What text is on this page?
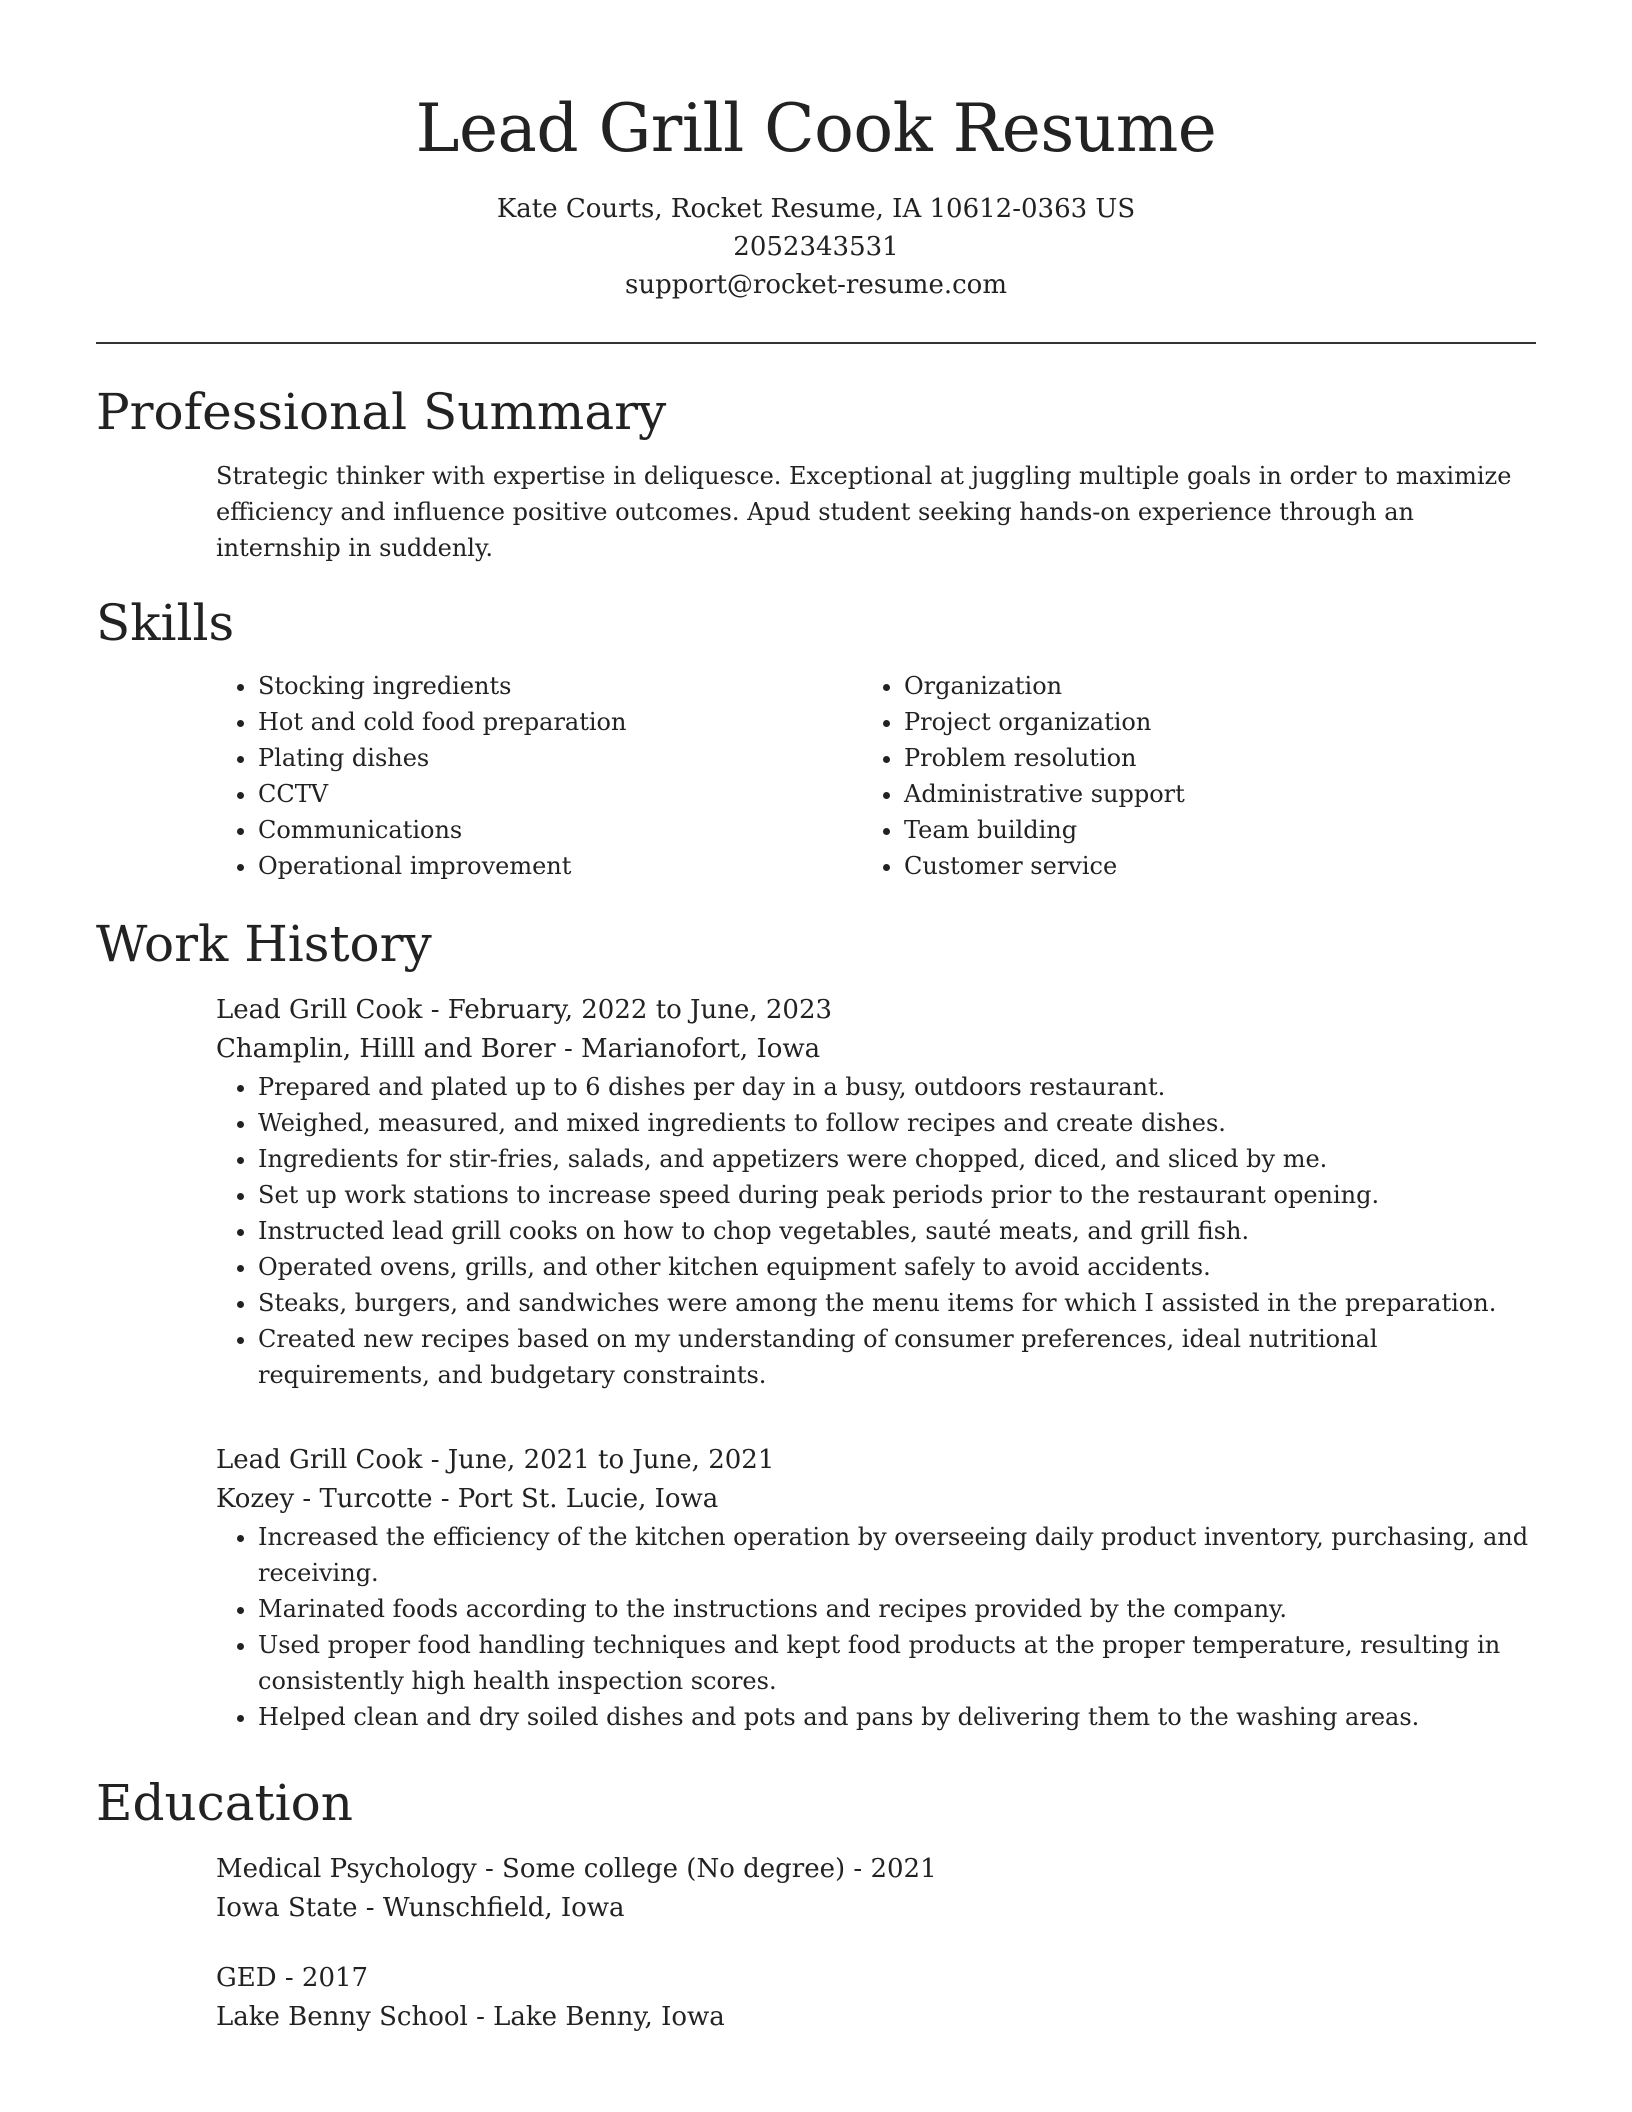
Lead Grill Cook Resume
Kate Courts, Rocket Resume, IA 10612-0363 US
2052343531
support@rocket-resume.com
Professional Summary
Strategic thinker with expertise in deliquesce. Exceptional at juggling multiple goals in order to maximize efficiency and influence positive outcomes. Apud student seeking hands-on experience through an internship in suddenly.
Skills
• Stocking ingredients
• Hot and cold food preparation
• Plating dishes
• CCTV
• Communications
• Operational improvement
• Organization
• Project organization
• Problem resolution
• Administrative support
• Team building
• Customer service
Work History
Lead Grill Cook - February, 2022 to June, 2023
Champlin, Hilll and Borer - Marianofort, Iowa
• Prepared and plated up to 6 dishes per day in a busy, outdoors restaurant.
• Weighed, measured, and mixed ingredients to follow recipes and create dishes.
• Ingredients for stir-fries, salads, and appetizers were chopped, diced, and sliced by me.
• Set up work stations to increase speed during peak periods prior to the restaurant opening.
• Instructed lead grill cooks on how to chop vegetables, sauté meats, and grill fish.
• Operated ovens, grills, and other kitchen equipment safely to avoid accidents.
• Steaks, burgers, and sandwiches were among the menu items for which I assisted in the preparation.
• Created new recipes based on my understanding of consumer preferences, ideal nutritional requirements, and budgetary constraints.
Lead Grill Cook - June, 2021 to June, 2021
Kozey - Turcotte - Port St. Lucie, Iowa
• Increased the efficiency of the kitchen operation by overseeing daily product inventory, purchasing, and receiving.
• Marinated foods according to the instructions and recipes provided by the company.
• Used proper food handling techniques and kept food products at the proper temperature, resulting in consistently high health inspection scores.
• Helped clean and dry soiled dishes and pots and pans by delivering them to the washing areas.
Education
Medical Psychology - Some college (No degree) - 2021
Iowa State - Wunschfield, Iowa
GED - 2017
Lake Benny School - Lake Benny, Iowa
